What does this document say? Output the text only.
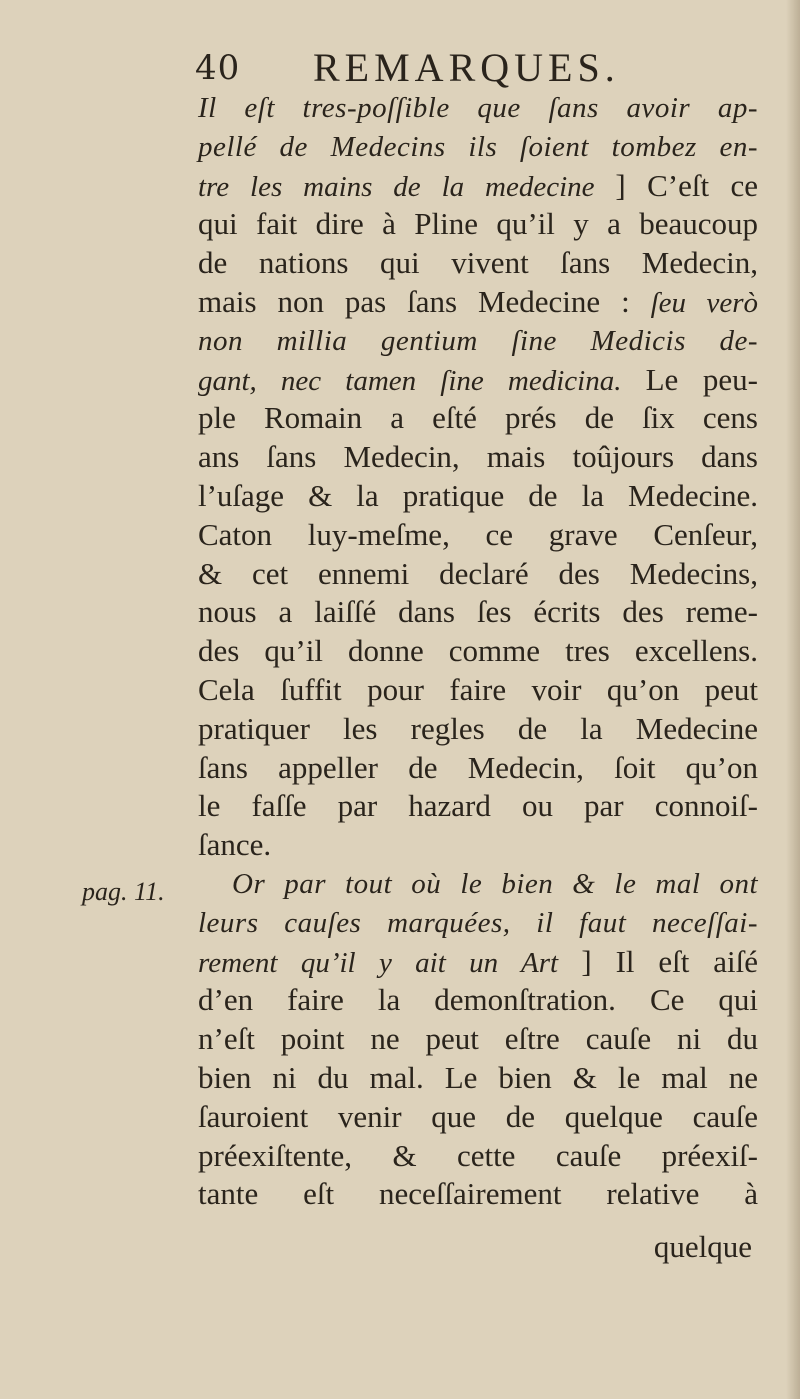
40 REMARQUES.
Il eſt tres-poſſible que ſans avoir ap-
pellé de Medecins ils ſoient tombez en-
tre les mains de la medecine ] C’eſt ce
qui fait dire à Pline qu’il y a beaucoup
de nations qui vivent ſans Medecin,
mais non pas ſans Medecine : ſeu verò
non millia gentium ſine Medicis de-
gant, nec tamen ſine medicina. Le peu-
ple Romain a eſté prés de ſix cens
ans ſans Medecin, mais toûjours dans
l’uſage & la pratique de la Medecine.
Caton luy-meſme, ce grave Cenſeur,
& cet ennemi declaré des Medecins,
nous a laiſſé dans ſes écrits des reme-
des qu’il donne comme tres excellens.
Cela ſuffit pour faire voir qu’on peut
pratiquer les regles de la Medecine
ſans appeller de Medecin, ſoit qu’on
le faſſe par hazard ou par connoiſ-
ſance.
Or par tout où le bien & le mal ont
leurs cauſes marquées, il faut neceſſai-
rement qu’il y ait un Art ] Il eſt aiſé
d’en faire la demonſtration. Ce qui
n’eſt point ne peut eſtre cauſe ni du
bien ni du mal. Le bien & le mal ne
ſauroient venir que de quelque cauſe
préexiſtente, & cette cauſe préexiſ-
tante eſt neceſſairement relative à
pag. 11.
quelque
